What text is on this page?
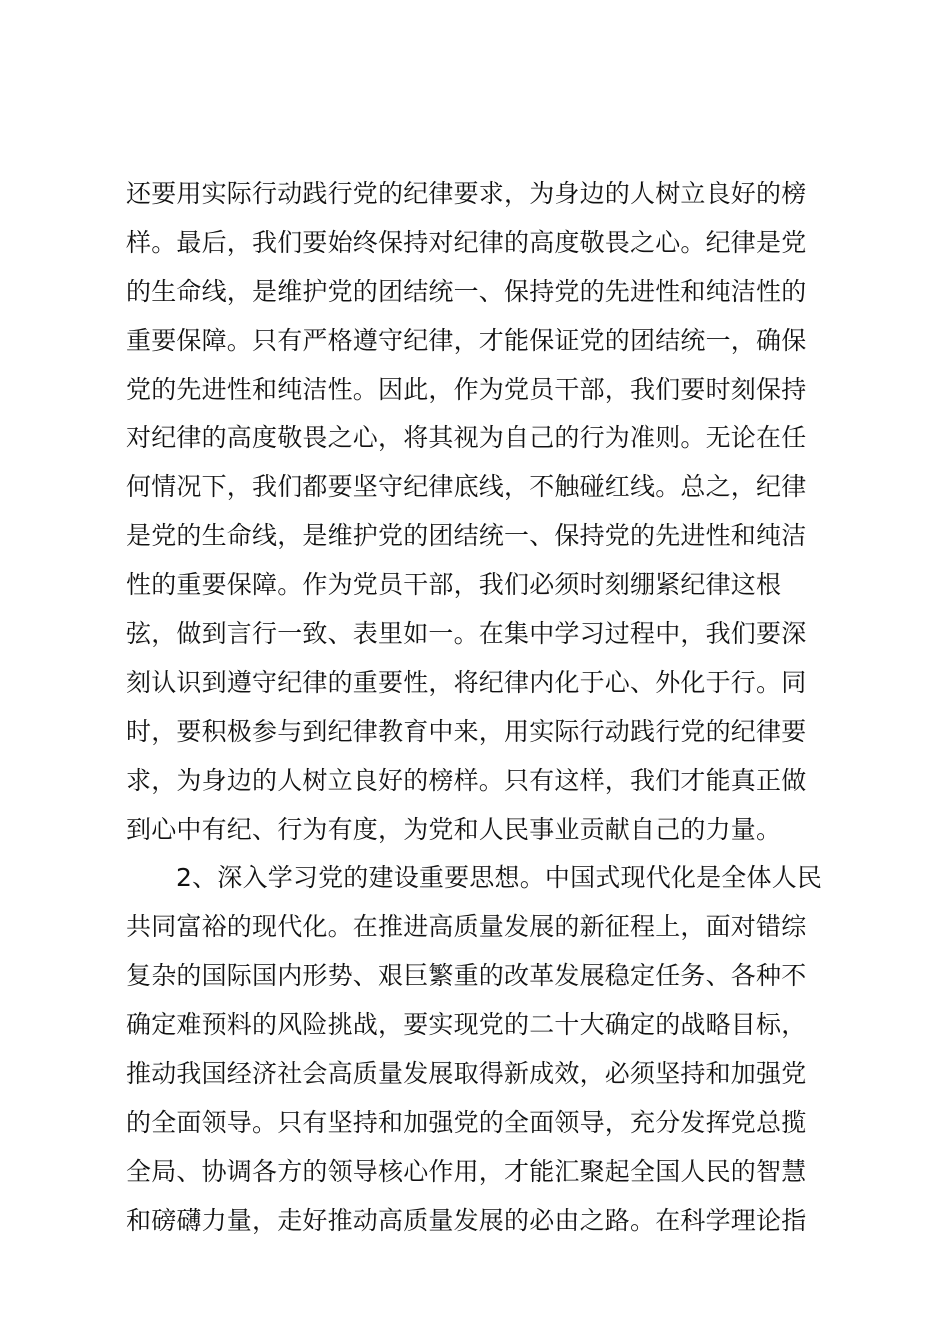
还要用实际行动践行党的纪律要求，为身边的人树立良好的榜
样。最后，我们要始终保持对纪律的高度敬畏之心。纪律是党
的生命线，是维护党的团结统一、保持党的先进性和纯洁性的
重要保障。只有严格遵守纪律，才能保证党的团结统一，确保
党的先进性和纯洁性。因此，作为党员干部，我们要时刻保持
对纪律的高度敬畏之心，将其视为自己的行为准则。无论在任
何情况下，我们都要坚守纪律底线，不触碰红线。总之，纪律
是党的生命线，是维护党的团结统一、保持党的先进性和纯洁
性的重要保障。作为党员干部，我们必须时刻绷紧纪律这根
弦，做到言行一致、表里如一。在集中学习过程中，我们要深
刻认识到遵守纪律的重要性，将纪律内化于心、外化于行。同
时，要积极参与到纪律教育中来，用实际行动践行党的纪律要
求，为身边的人树立良好的榜样。只有这样，我们才能真正做
到心中有纪、行为有度，为党和人民事业贡献自己的力量。
2、深入学习党的建设重要思想。中国式现代化是全体人民
共同富裕的现代化。在推进高质量发展的新征程上，面对错综
复杂的国际国内形势、艰巨繁重的改革发展稳定任务、各种不
确定难预料的风险挑战，要实现党的二十大确定的战略目标，
推动我国经济社会高质量发展取得新成效，必须坚持和加强党
的全面领导。只有坚持和加强党的全面领导，充分发挥党总揽
全局、协调各方的领导核心作用，才能汇聚起全国人民的智慧
和磅礴力量，走好推动高质量发展的必由之路。在科学理论指
